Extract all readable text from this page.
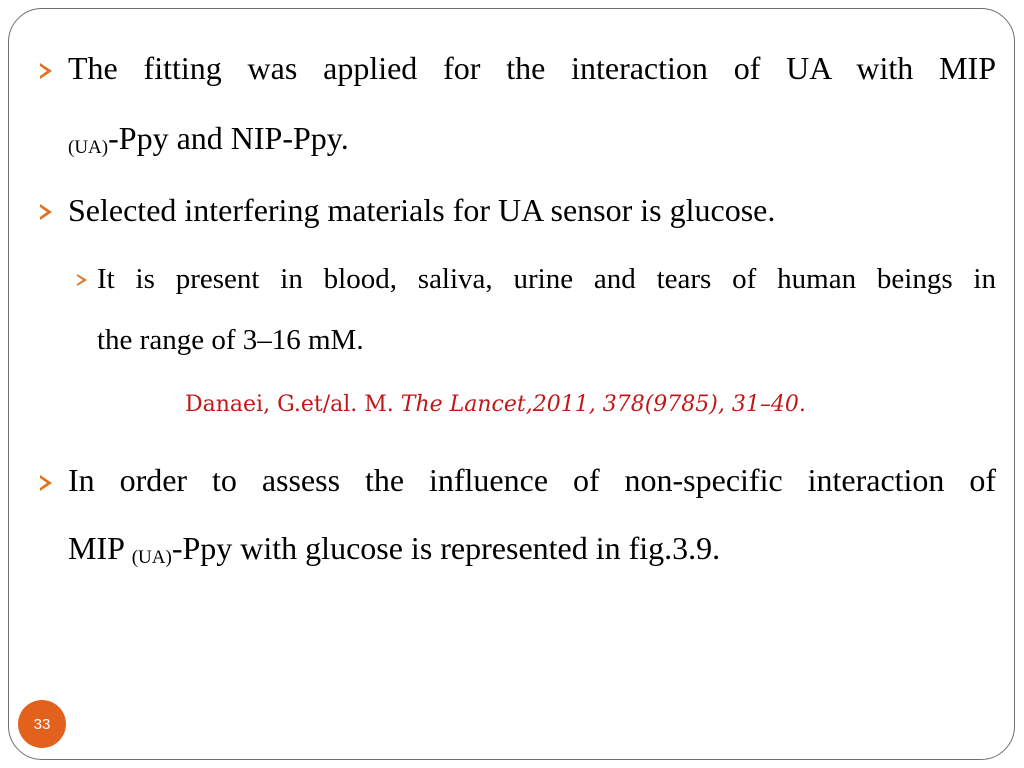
The fitting was applied for the interaction of UA with MIP
(UA)-Ppy and NIP-Ppy.
Selected interfering materials for UA sensor is glucose.
It is present in blood, saliva, urine and tears of human beings in
the range of 3–16 mM.
Danaei, G.et/al. M. The Lancet,2011, 378(9785), 31–40.
In order to assess the influence of non-specific interaction of
MIP (UA)-Ppy with glucose is represented in fig.3.9.
33
